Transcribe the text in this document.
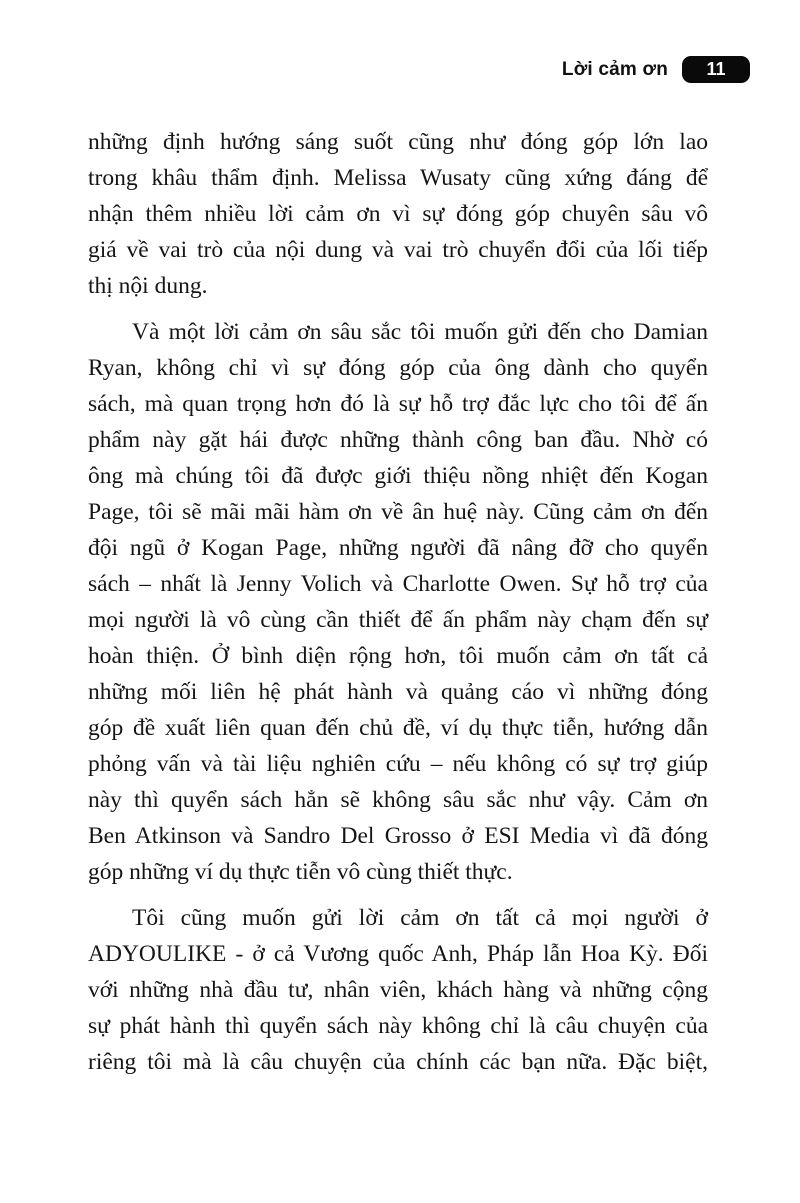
Lời cảm ơn	11
những định hướng sáng suốt cũng như đóng góp lớn lao
trong khâu thẩm định. Melissa Wusaty cũng xứng đáng để
nhận thêm nhiều lời cảm ơn vì sự đóng góp chuyên sâu vô
giá về vai trò của nội dung và vai trò chuyển đổi của lối tiếp
thị nội dung.
Và một lời cảm ơn sâu sắc tôi muốn gửi đến cho Damian
Ryan, không chỉ vì sự đóng góp của ông dành cho quyển
sách, mà quan trọng hơn đó là sự hỗ trợ đắc lực cho tôi để ấn
phẩm này gặt hái được những thành công ban đầu. Nhờ có
ông mà chúng tôi đã được giới thiệu nồng nhiệt đến Kogan
Page, tôi sẽ mãi mãi hàm ơn về ân huệ này. Cũng cảm ơn đến
đội ngũ ở Kogan Page, những người đã nâng đỡ cho quyển
sách – nhất là Jenny Volich và Charlotte Owen. Sự hỗ trợ của
mọi người là vô cùng cần thiết để ấn phẩm này chạm đến sự
hoàn thiện. Ở bình diện rộng hơn, tôi muốn cảm ơn tất cả
những mối liên hệ phát hành và quảng cáo vì những đóng
góp đề xuất liên quan đến chủ đề, ví dụ thực tiễn, hướng dẫn
phỏng vấn và tài liệu nghiên cứu – nếu không có sự trợ giúp
này thì quyển sách hẳn sẽ không sâu sắc như vậy. Cảm ơn
Ben Atkinson và Sandro Del Grosso ở ESI Media vì đã đóng
góp những ví dụ thực tiễn vô cùng thiết thực.
Tôi cũng muốn gửi lời cảm ơn tất cả mọi người ở
ADYOULIKE - ở cả Vương quốc Anh, Pháp lẫn Hoa Kỳ. Đối
với những nhà đầu tư, nhân viên, khách hàng và những cộng
sự phát hành thì quyển sách này không chỉ là câu chuyện của
riêng tôi mà là câu chuyện của chính các bạn nữa. Đặc biệt,
